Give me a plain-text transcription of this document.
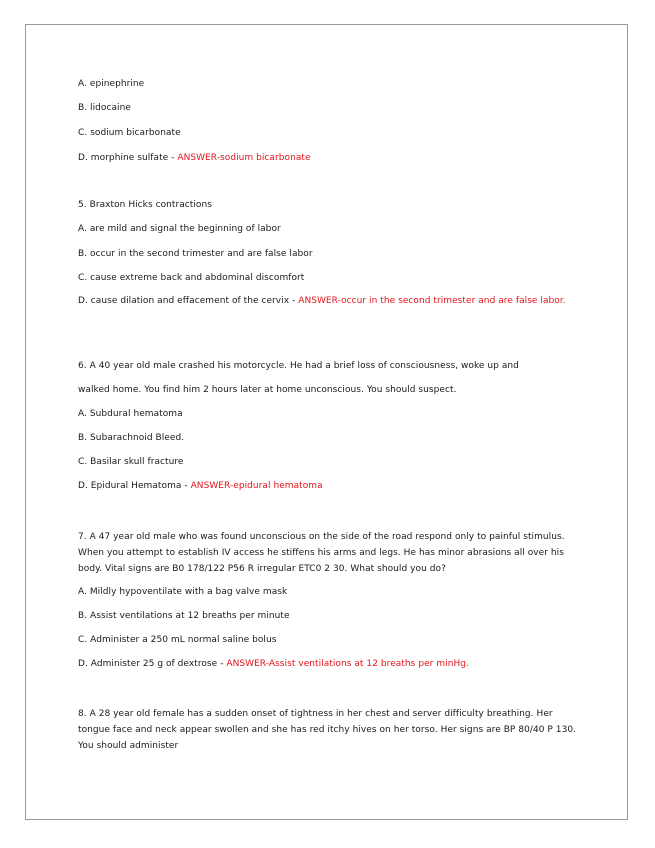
A. epinephrine
B. lidocaine
C. sodium bicarbonate
D. morphine sulfate - ANSWER-sodium bicarbonate
5. Braxton Hicks contractions
A. are mild and signal the beginning of labor
B. occur in the second trimester and are false labor
C. cause extreme back and abdominal discomfort
D. cause dilation and effacement of the cervix - ANSWER-occur in the second trimester and are false labor.
6. A 40 year old male crashed his motorcycle. He had a brief loss of consciousness, woke up and
walked home. You find him 2 hours later at home unconscious. You should suspect.
A. Subdural hematoma
B. Subarachnoid Bleed.
C. Basilar skull fracture
D. Epidural Hematoma - ANSWER-epidural hematoma
7. A 47 year old male who was found unconscious on the side of the road respond only to painful stimulus. When you attempt to establish IV access he stiffens his arms and legs. He has minor abrasions all over his body. Vital signs are B0 178/122 P56 R irregular ETC0 2 30. What should you do?
A. Mildly hypoventilate with a bag valve mask
B. Assist ventilations at 12 breaths per minute
C. Administer a 250 mL normal saline bolus
D. Administer 25 g of dextrose - ANSWER-Assist ventilations at 12 breaths per minHg.
8. A 28 year old female has a sudden onset of tightness in her chest and server difficulty breathing. Her tongue face and neck appear swollen and she has red itchy hives on her torso. Her signs are BP 80/40 P 130. You should administer
